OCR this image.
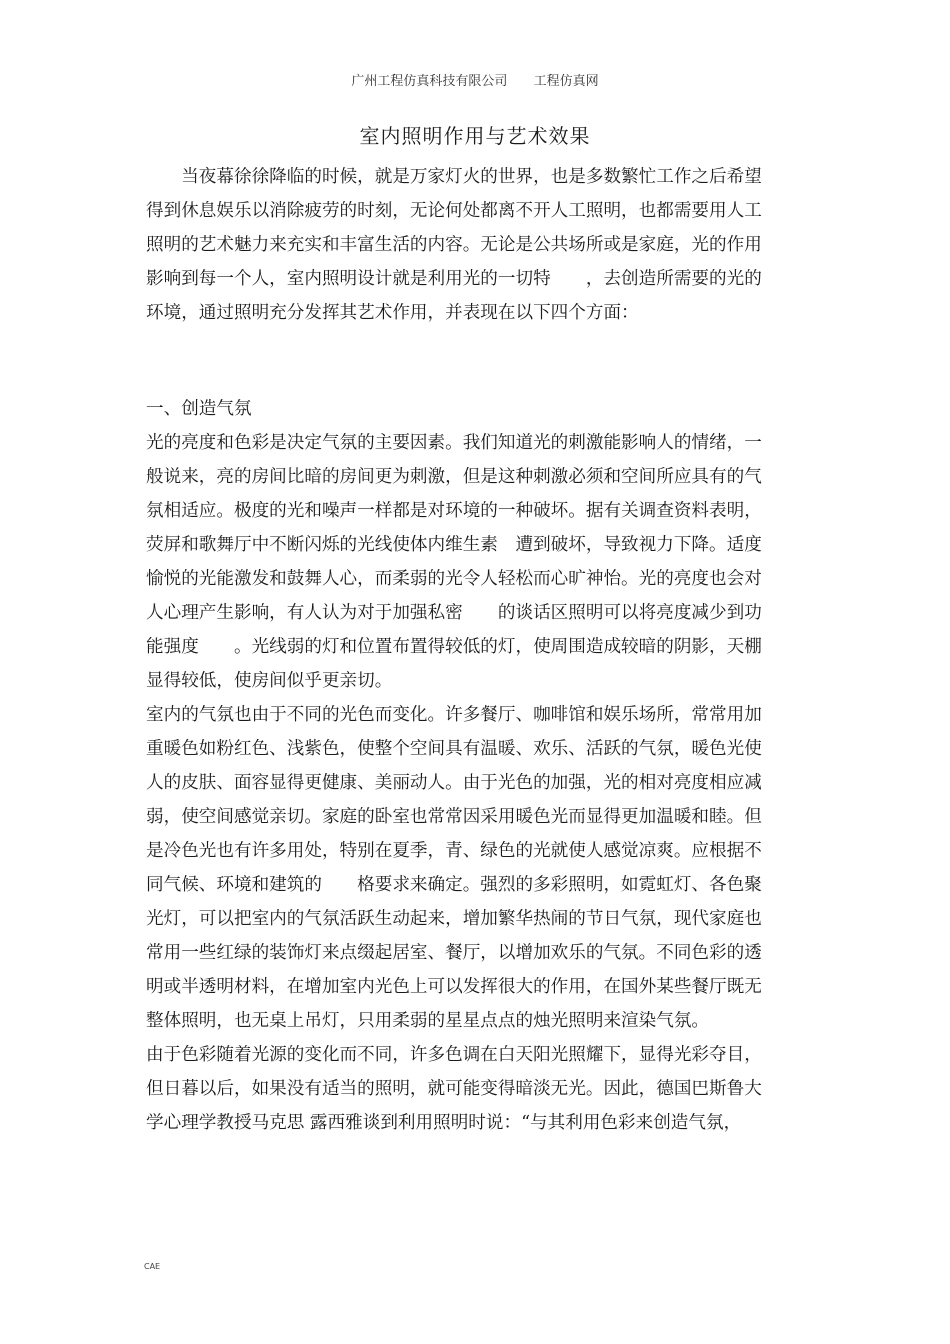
广州工程仿真科技有限公司 工程仿真网
室内照明作用与艺术效果
　　当夜幕徐徐降临的时候，就是万家灯火的世界，也是多数繁忙工作之后希望
得到休息娱乐以消除疲劳的时刻，无论何处都离不开人工照明，也都需要用人工
照明的艺术魅力来充实和丰富生活的内容。无论是公共场所或是家庭，光的作用
影响到每一个人，室内照明设计就是利用光的一切特　　，去创造所需要的光的
环境，通过照明充分发挥其艺术作用，并表现在以下四个方面：
一、创造气氛
光的亮度和色彩是决定气氛的主要因素。我们知道光的刺激能影响人的情绪，一
般说来，亮的房间比暗的房间更为刺激，但是这种刺激必须和空间所应具有的气
氛相适应。极度的光和噪声一样都是对环境的一种破坏。据有关调查资料表明，
荧屏和歌舞厅中不断闪烁的光线使体内维生素　遭到破坏，导致视力下降。适度
愉悦的光能激发和鼓舞人心，而柔弱的光令人轻松而心旷神怡。光的亮度也会对
人心理产生影响，有人认为对于加强私密　　的谈话区照明可以将亮度减少到功
能强度　　。光线弱的灯和位置布置得较低的灯，使周围造成较暗的阴影，天棚
显得较低，使房间似乎更亲切。
室内的气氛也由于不同的光色而变化。许多餐厅、咖啡馆和娱乐场所，常常用加
重暖色如粉红色、浅紫色，使整个空间具有温暖、欢乐、活跃的气氛，暖色光使
人的皮肤、面容显得更健康、美丽动人。由于光色的加强，光的相对亮度相应减
弱，使空间感觉亲切。家庭的卧室也常常因采用暖色光而显得更加温暖和睦。但
是冷色光也有许多用处，特别在夏季，青、绿色的光就使人感觉凉爽。应根据不
同气候、环境和建筑的　　格要求来确定。强烈的多彩照明，如霓虹灯、各色聚
光灯，可以把室内的气氛活跃生动起来，增加繁华热闹的节日气氛，现代家庭也
常用一些红绿的装饰灯来点缀起居室、餐厅，以增加欢乐的气氛。不同色彩的透
明或半透明材料，在增加室内光色上可以发挥很大的作用，在国外某些餐厅既无
整体照明，也无桌上吊灯，只用柔弱的星星点点的烛光照明来渲染气氛。
由于色彩随着光源的变化而不同，许多色调在白天阳光照耀下，显得光彩夺目，
但日暮以后，如果没有适当的照明，就可能变得暗淡无光。因此，德国巴斯鲁大
学心理学教授马克思 露西雅谈到利用照明时说：“与其利用色彩来创造气氛，
CAE
